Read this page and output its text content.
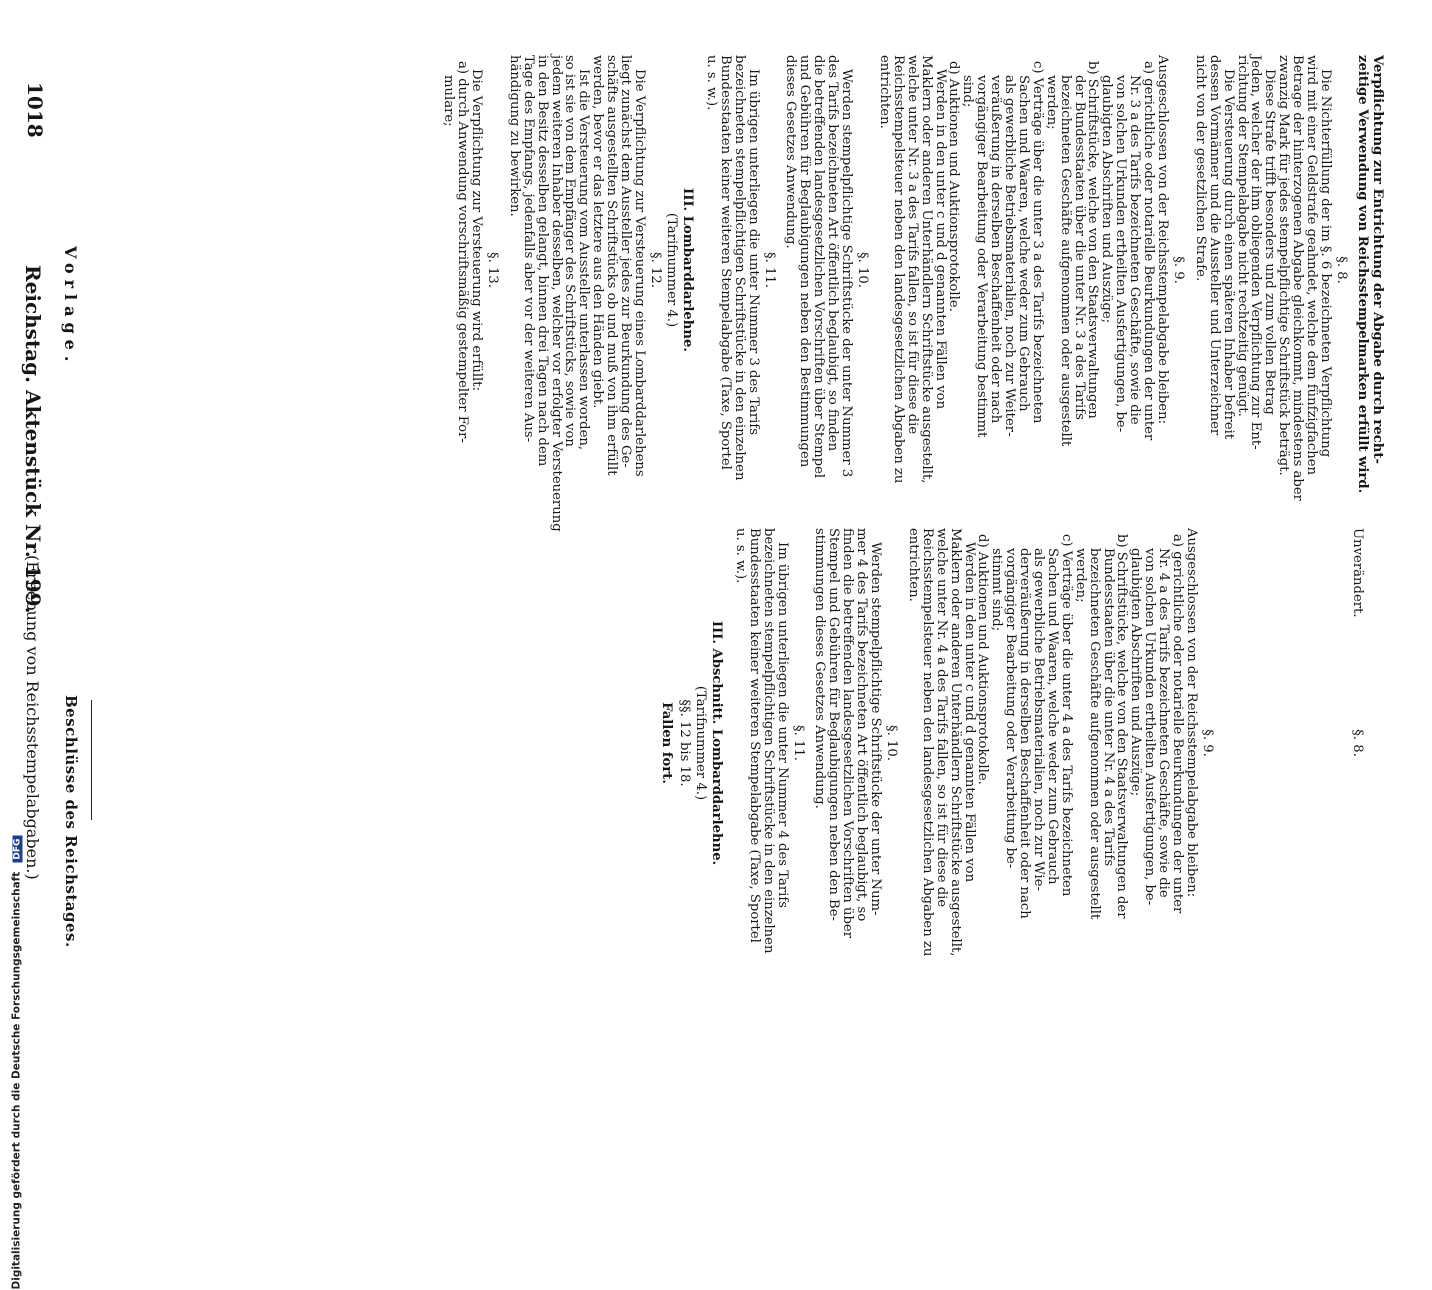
1018
Reichstag. Aktenstück Nr. 199.
(Erhebung von Reichsstempelabgaben.)
Vorlage.
Beschlüsse des Reichstages.
Verpflichtung zur Entrichtung der Abgabe durch recht-
zeitige Verwendung von Reichsstempelmarken erfüllt wird.
§. 8.
Die Nichterfüllung der im §. 6 bezeichneten Verpflichtung
wird mit einer Geldstrafe geahndet, welche dem fünfzigfachen
Betrage der hinterzogenen Abgabe gleichkommt, mindestens aber
zwanzig Mark für jedes stempelpflichtige Schriftstück beträgt.
Diese Strafe trifft besonders und zum vollen Betrag
Jeden, welcher der ihm obliegenden Verpflichtung zur Ent-
richtung der Stempelabgabe nicht rechtzeitig genügt.
Die Versteuerung durch einen späteren Inhaber befreit
dessen Vormänner und die Aussteller und Unterzeichner
nicht von der gesetzlichen Strafe.
§. 9.
Ausgeschlossen von der Reichsstempelabgabe bleiben:
a) gerichtliche oder notarielle Beurkundungen der unter
Nr. 3 a des Tarifs bezeichneten Geschäfte, sowie die
von solchen Urkunden ertheilten Ausfertigungen, be-
glaubigten Abschriften und Auszüge;
b) Schriftstücke, welche von den Staatsverwaltungen
der Bundesstaaten über die unter Nr. 3 a des Tarifs
bezeichneten Geschäfte aufgenommen oder ausgestellt
werden;
c) Verträge über die unter 3 a des Tarifs bezeichneten
Sachen und Waaren, welche weder zum Gebrauch
als gewerbliche Betriebsmaterialien, noch zur Weiter-
veräußerung in derselben Beschaffenheit oder nach
vorgängiger Bearbeitung oder Verarbeitung bestimmt
sind;
d) Auktionen und Auktionsprotokolle.
Werden in den unter c und d genannten Fällen von
Maklern oder anderen Unterhändlern Schriftstücke ausgestellt,
welche unter Nr. 3 a des Tarifs fallen, so ist für diese die
Reichsstempelsteuer neben den landesgesetzlichen Abgaben zu
entrichten.
§. 10.
Werden stempelpflichtige Schriftstücke der unter Nummer 3
des Tarifs bezeichneten Art öffentlich beglaubigt, so finden
die betreffenden landesgesetzlichen Vorschriften über Stempel
und Gebühren für Beglaubigungen neben den Bestimmungen
dieses Gesetzes Anwendung.
§. 11.
Im übrigen unterliegen die unter Nummer 3 des Tarifs
bezeichneten stempelpflichtigen Schriftstücke in den einzelnen
Bundesstaaten keiner weiteren Stempelabgabe (Taxe, Sportel
u. s. w.).
III. Lombarddarlehne.
(Tarifnummer 4.)
§. 12.
Die Verpflichtung zur Versteuerung eines Lombarddarlehens
liegt zunächst dem Aussteller jedes zur Beurkundung des Ge-
schäfts ausgestellten Schriftstücks ob und muß von ihm erfüllt
werden, bevor er das letztere aus den Händen giebt.
Ist die Versteuerung vom Aussteller unterlassen worden,
so ist sie von dem Empfänger des Schriftstücks, sowie von
jedem weiteren Inhaber desselben, welcher vor erfolgter Versteuerung
in den Besitz desselben gelangt, binnen drei Tagen nach dem
Tage des Empfangs, jedenfalls aber vor der weiteren Aus-
händigung zu bewirken.
§. 13.
Die Verpflichtung zur Versteuerung wird erfüllt:
a) durch Anwendung vorschriftsmäßig gestempelter For-
mulare;
Unverändert.
§. 8.
§. 9.
Ausgeschlossen von der Reichsstempelabgabe bleiben:
a) gerichtliche oder notarielle Beurkundungen der unter
Nr. 4 a des Tarifs bezeichneten Geschäfte, sowie die
von solchen Urkunden ertheilten Ausfertigungen, be-
glaubigten Abschriften und Auszüge;
b) Schriftstücke, welche von den Staatsverwaltungen der
Bundesstaaten über die unter Nr. 4 a des Tarifs
bezeichneten Geschäfte aufgenommen oder ausgestellt
werden;
c) Verträge über die unter 4 a des Tarifs bezeichneten
Sachen und Waaren, welche weder zum Gebrauch
als gewerbliche Betriebsmaterialien, noch zur Wie-
derveräußerung in derselben Beschaffenheit oder nach
vorgängiger Bearbeitung oder Verarbeitung be-
stimmt sind;
d) Auktionen und Auktionsprotokolle.
Werden in den unter c und d genannten Fällen von
Maklern oder anderen Unterhändlern Schriftstücke ausgestellt,
welche unter Nr. 4 a des Tarifs fallen, so ist für diese die
Reichsstempelsteuer neben den landesgesetzlichen Abgaben zu
entrichten.
§. 10.
Werden stempelpflichtige Schriftstücke der unter Num-
mer 4 des Tarifs bezeichneten Art öffentlich beglaubigt, so
finden die betreffenden landesgesetzlichen Vorschriften über
Stempel und Gebühren für Beglaubigungen neben den Be-
stimmungen dieses Gesetzes Anwendung.
§. 11.
Im übrigen unterliegen die unter Nummer 4 des Tarifs
bezeichneten stempelpflichtigen Schriftstücke in den einzelnen
Bundesstaaten keiner weiteren Stempelabgabe (Taxe, Sportel
u. s. w.).
III. Abschnitt. Lombarddarlehne.
(Tarifnummer 4.)
§§. 12 bis 18.
Fallen fort.
Digitalisierung gefördert durch die Deutsche Forschungsgemeinschaft DFG
